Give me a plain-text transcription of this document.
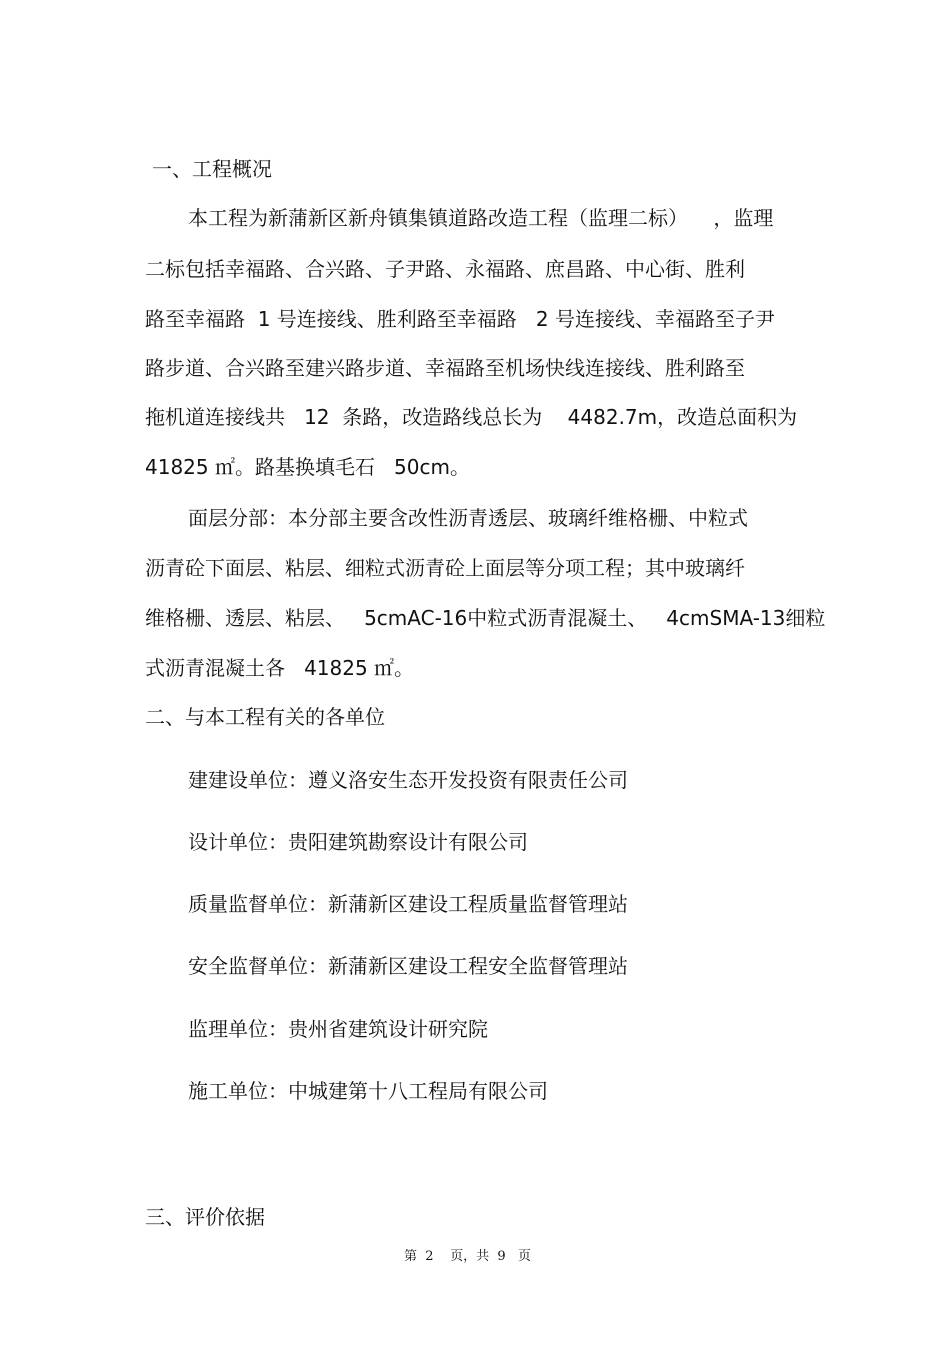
一、工程概况
本工程为新蒲新区新舟镇集镇道路改造工程（监理二标）    ，监理
二标包括幸福路、合兴路、子尹路、永福路、庶昌路、中心街、胜利
路至幸福路  1 号连接线、胜利路至幸福路   2 号连接线、幸福路至子尹
路步道、合兴路至建兴路步道、幸福路至机场快线连接线、胜利路至
拖机道连接线共   12  条路，改造路线总长为    4482.7m，改造总面积为
41825 ㎡。路基换填毛石   50cm。
面层分部：本分部主要含改性沥青透层、玻璃纤维格栅、中粒式
沥青砼下面层、粘层、细粒式沥青砼上面层等分项工程；其中玻璃纤
维格栅、透层、粘层、   5cmAC-16中粒式沥青混凝土、   4cmSMA-13细粒
式沥青混凝土各   41825 ㎡。
二、与本工程有关的各单位
建建设单位：遵义洛安生态开发投资有限责任公司
设计单位：贵阳建筑勘察设计有限公司
质量监督单位：新蒲新区建设工程质量监督管理站
安全监督单位：新蒲新区建设工程安全监督管理站
监理单位：贵州省建筑设计研究院
施工单位：中城建第十八工程局有限公司
三、评价依据
第  2    页，共  9   页
